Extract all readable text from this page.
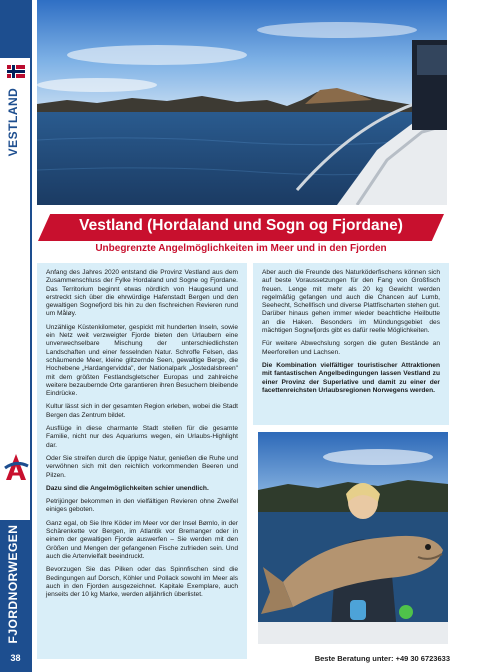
VESTLAND
FJORDNORWEGEN
38
Vestland (Hordaland und Sogn og Fjordane)
Unbegrenzte Angelmöglichkeiten im Meer und in den Fjorden

Anfang des Jahres 2020 entstand die Provinz Vestland aus dem Zusammenschluss der Fylke Hordaland und Sogne og Fjordane. Das Territorium beginnt etwas nördlich von Haugesund und erstreckt sich über die ehrwürdige Hafenstadt Bergen und den gewaltigen Sognefjord bis hin zu den fischreichen Revieren rund um Måløy.

Unzählige Küstenkilometer, gespickt mit hunderten Inseln, sowie ein Netz weit verzweigter Fjorde bieten den Urlaubern eine unverwechselbare Mischung der unterschiedlichsten Landschaften und einer fesselnden Natur. Schroffe Felsen, das schäumende Meer, kleine glitzernde Seen, gewaltige Berge, die Hochebene „Hardangervidda", der Nationalpark „Jostedalsbreen" mit dem größten Festlandsgletscher Europas und zahlreiche weitere bezaubernde Orte garantieren ihren Besuchern bleibende Eindrücke.

Kultur lässt sich in der gesamten Region erleben, wobei die Stadt Bergen das Zentrum bildet.

Ausflüge in diese charmante Stadt stellen für die gesamte Familie, nicht nur des Aquariums wegen, ein Urlaubs-Highlight dar.

Oder Sie streifen durch die üppige Natur, genießen die Ruhe und verwöhnen sich mit den reichlich vorkommenden Beeren und Pilzen.

Dazu sind die Angelmöglichkeiten schier unendlich.

Petrijünger bekommen in den vielfältigen Revieren ohne Zweifel einiges geboten.

Ganz egal, ob Sie Ihre Köder im Meer vor der Insel Bømlo, in der Schärenkette vor Bergen, im Atlantik vor Bremanger oder in einem der gewaltigen Fjorde auswerfen – Sie werden mit den Größen und Mengen der gefangenen Fische zufrieden sein. Und auch die Artenvielfalt beeindruckt.

Bevorzugen Sie das Pilken oder das Spinnfischen sind die Bedingungen auf Dorsch, Köhler und Pollack sowohl im Meer als auch in den Fjorden ausgezeichnet. Kapitale Exemplare, auch jenseits der 10 kg Marke, werden alljährlich überlistet.

Aber auch die Freunde des Naturköderfischens können sich auf beste Voraussetzungen für den Fang von Großfisch freuen. Lenge mit mehr als 20 kg Gewicht werden regelmäßig gefangen und auch die Chancen auf Lumb, Seehecht, Schellfisch und diverse Plattfischarten stehen gut. Darüber hinaus gehen immer wieder beachtliche Heilbutte an die Haken. Besonders im Mündungsgebiet des mächtigen Sognefjords gibt es dafür reelle Möglichkeiten.

Für weitere Abwechslung sorgen die guten Bestände an Meerforellen und Lachsen.

Die Kombination vielfältiger touristischer Attraktionen mit fantastischen Angelbedingungen lassen Vestland zu einer Provinz der Superlative und damit zu einer der facettenreichsten Urlaubsregionen Norwegens werden.

Beste Beratung unter: +49 30 6723633
